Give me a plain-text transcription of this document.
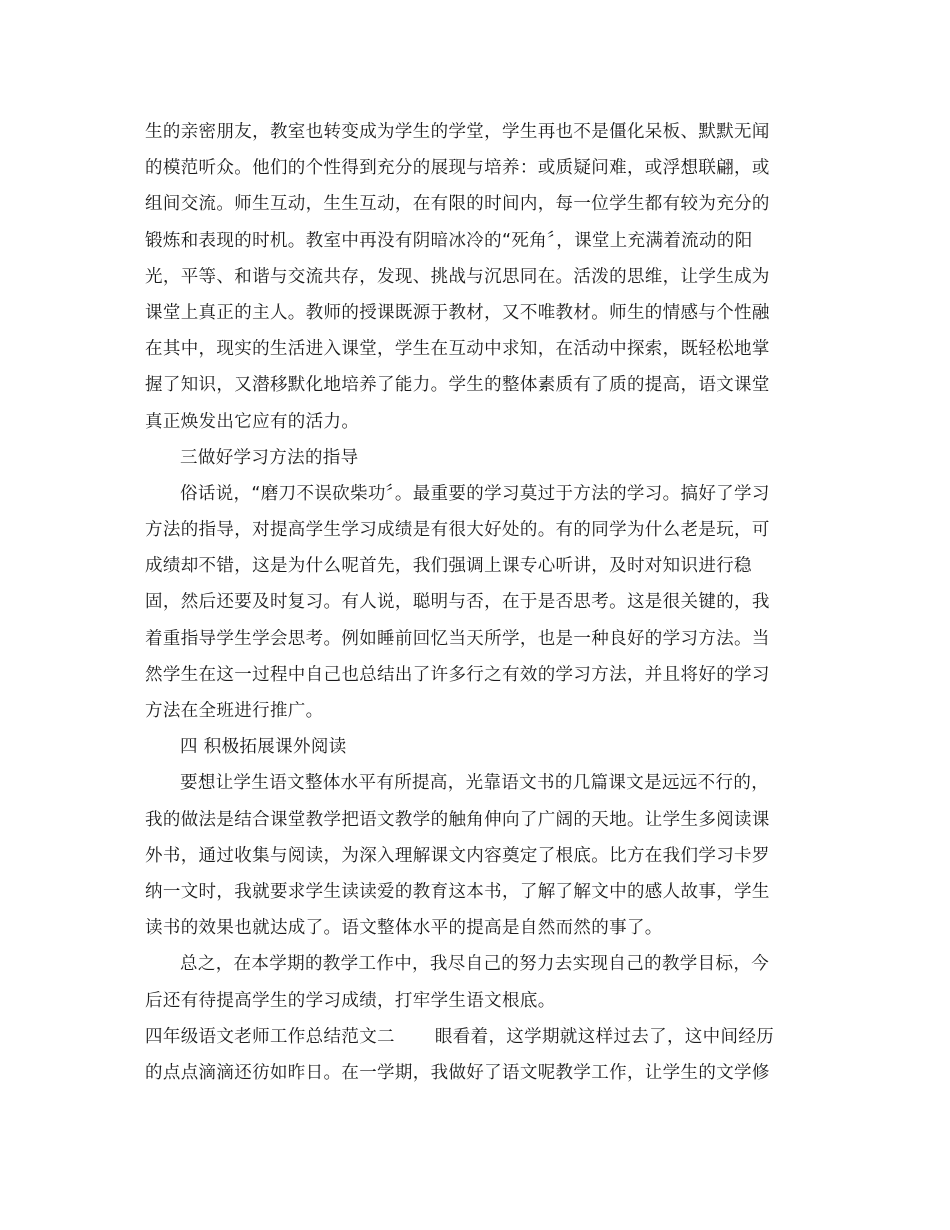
生的亲密朋友，教室也转变成为学生的学堂，学生再也不是僵化呆板、默默无闻
的模范听众。他们的个性得到充分的展现与培养：或质疑问难，或浮想联翩，或
组间交流。师生互动，生生互动，在有限的时间内，每一位学生都有较为充分的
锻炼和表现的时机。教室中再没有阴暗冰冷的“死角〞，课堂上充满着流动的阳
光，平等、和谐与交流共存，发现、挑战与沉思同在。活泼的思维，让学生成为
课堂上真正的主人。教师的授课既源于教材，又不唯教材。师生的情感与个性融
在其中，现实的生活进入课堂，学生在互动中求知，在活动中探索，既轻松地掌
握了知识，又潜移默化地培养了能力。学生的整体素质有了质的提高，语文课堂
真正焕发出它应有的活力。
三做好学习方法的指导
俗话说，“磨刀不误砍柴功〞。最重要的学习莫过于方法的学习。搞好了学习
方法的指导，对提高学生学习成绩是有很大好处的。有的同学为什么老是玩，可
成绩却不错，这是为什么呢首先，我们强调上课专心听讲，及时对知识进行稳
固，然后还要及时复习。有人说，聪明与否，在于是否思考。这是很关键的，我
着重指导学生学会思考。例如睡前回忆当天所学，也是一种良好的学习方法。当
然学生在这一过程中自己也总结出了许多行之有效的学习方法，并且将好的学习
方法在全班进行推广。
四 积极拓展课外阅读
要想让学生语文整体水平有所提高，光靠语文书的几篇课文是远远不行的，
我的做法是结合课堂教学把语文教学的触角伸向了广阔的天地。让学生多阅读课
外书，通过收集与阅读，为深入理解课文内容奠定了根底。比方在我们学习卡罗
纳一文时，我就要求学生读读爱的教育这本书，了解了解文中的感人故事，学生
读书的效果也就达成了。语文整体水平的提高是自然而然的事了。
总之，在本学期的教学工作中，我尽自己的努力去实现自己的教学目标，今
后还有待提高学生的学习成绩，打牢学生语文根底。
四年级语文老师工作总结范文二 眼看着，这学期就这样过去了，这中间经历
的点点滴滴还彷如昨日。在一学期，我做好了语文呢教学工作，让学生的文学修
